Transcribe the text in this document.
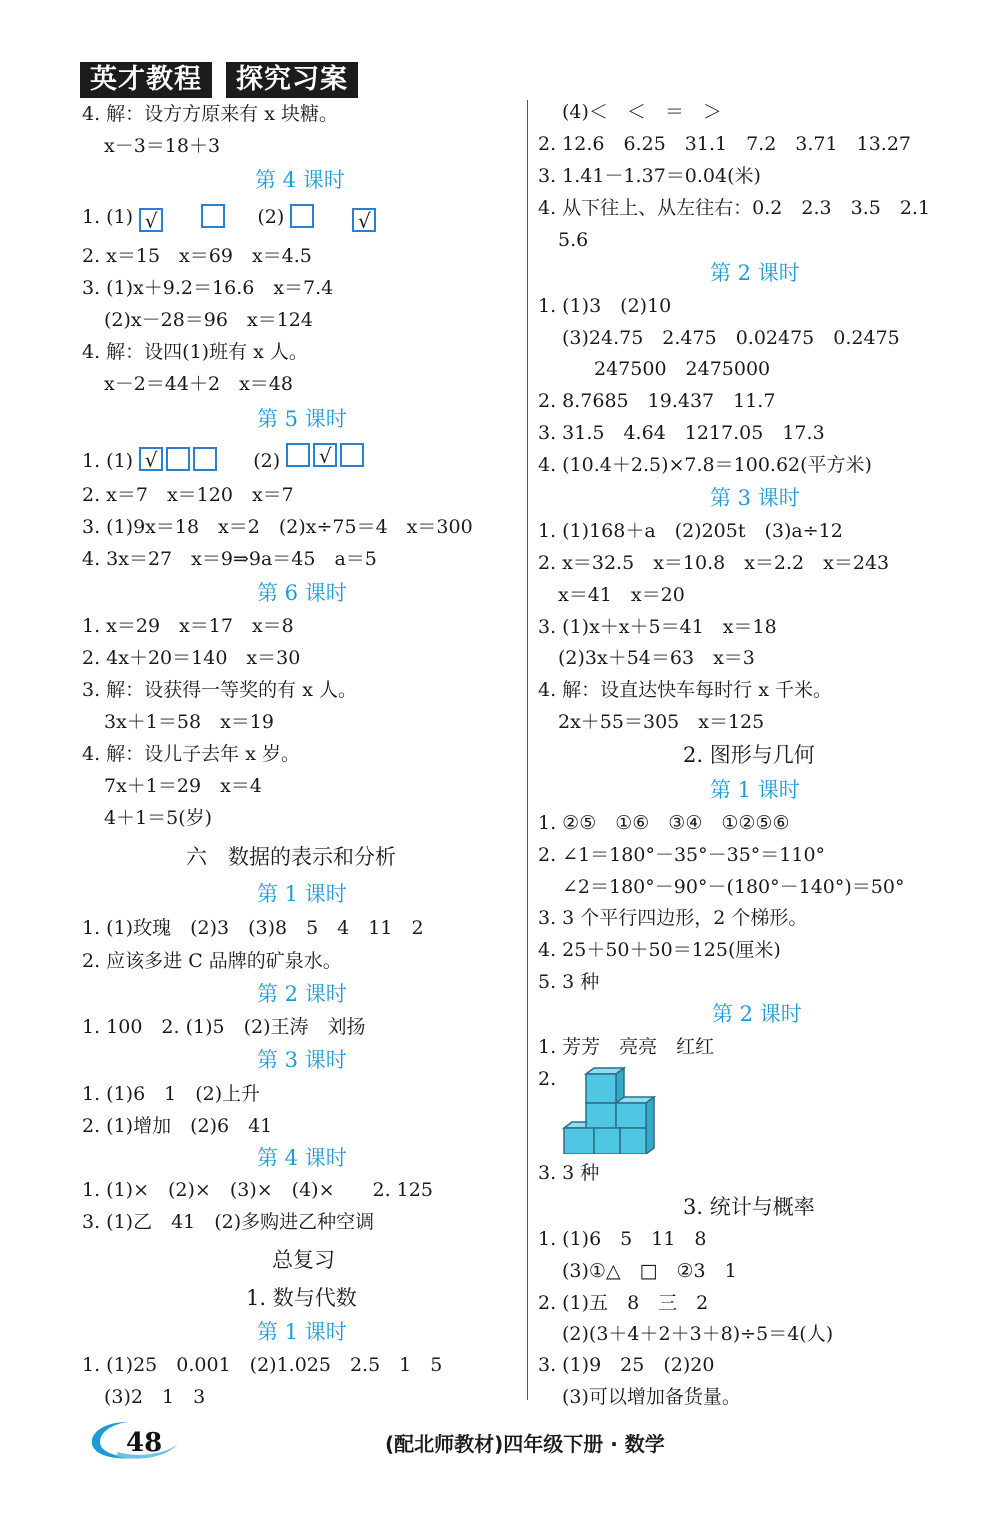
英才教程	探究习案
4. 解：设方方原来有 x 块糖。
x－3＝18＋3
第 4 课时
1. (1) √	(2)	√
2. x＝15　x＝69　x＝4.5
3. (1)x＋9.2＝16.6　x＝7.4
(2)x－28＝96　x＝124
4. 解：设四(1)班有 x 人。
x－2＝44＋2　x＝48
第 5 课时
1. (1) √	(2) √
2. x＝7　x＝120　x＝7
3. (1)9x＝18　x＝2　(2)x÷75＝4　x＝300
4. 3x＝27　x＝9⇒9a＝45　a＝5
第 6 课时
1. x＝29　x＝17　x＝8
2. 4x＋20＝140　x＝30
3. 解：设获得一等奖的有 x 人。
3x＋1＝58　x＝19
4. 解：设儿子去年 x 岁。
7x＋1＝29　x＝4
4＋1＝5(岁)
六　数据的表示和分析
第 1 课时
1. (1)玫瑰　(2)3　(3)8　5　4　11　2
2. 应该多进 C 品牌的矿泉水。
第 2 课时
1. 100　2. (1)5　(2)王涛　刘扬
第 3 课时
1. (1)6　1　(2)上升
2. (1)增加　(2)6　41
第 4 课时
1. (1)×　(2)×　(3)×　(4)×　　2. 125
3. (1)乙　41　(2)多购进乙种空调
总复习
1. 数与代数
第 1 课时
1. (1)25　0.001　(2)1.025　2.5　1　5
(3)2　1　3
(4)＜　＜　＝　＞
2. 12.6　6.25　31.1　7.2　3.71　13.27
3. 1.41－1.37＝0.04(米)
4. 从下往上、从左往右：0.2　2.3　3.5　2.1
5.6
第 2 课时
1. (1)3　(2)10
(3)24.75　2.475　0.02475　0.2475
247500　2475000
2. 8.7685　19.437　11.7
3. 31.5　4.64　1217.05　17.3
4. (10.4＋2.5)×7.8＝100.62(平方米)
第 3 课时
1. (1)168＋a　(2)205t　(3)a÷12
2. x＝32.5　x＝10.8　x＝2.2　x＝243
x＝41　x＝20
3. (1)x＋x＋5＝41　x＝18
(2)3x＋54＝63　x＝3
4. 解：设直达快车每时行 x 千米。
2x＋55＝305　x＝125
2. 图形与几何
第 1 课时
1. ②⑤　①⑥　③④　①②⑤⑥
2. ∠1＝180°－35°－35°＝110°
∠2＝180°－90°－(180°－140°)＝50°
3. 3 个平行四边形，2 个梯形。
4. 25＋50＋50＝125(厘米)
5. 3 种
第 2 课时
1. 芳芳　亮亮　红红
2.
3. 3 种
3. 统计与概率
1. (1)6　5　11　8
(3)①△　□　②3　1
2. (1)五　8　三　2
(2)(3＋4＋2＋3＋8)÷5＝4(人)
3. (1)9　25　(2)20
(3)可以增加备货量。
48	(配北师教材)四年级下册 · 数学
